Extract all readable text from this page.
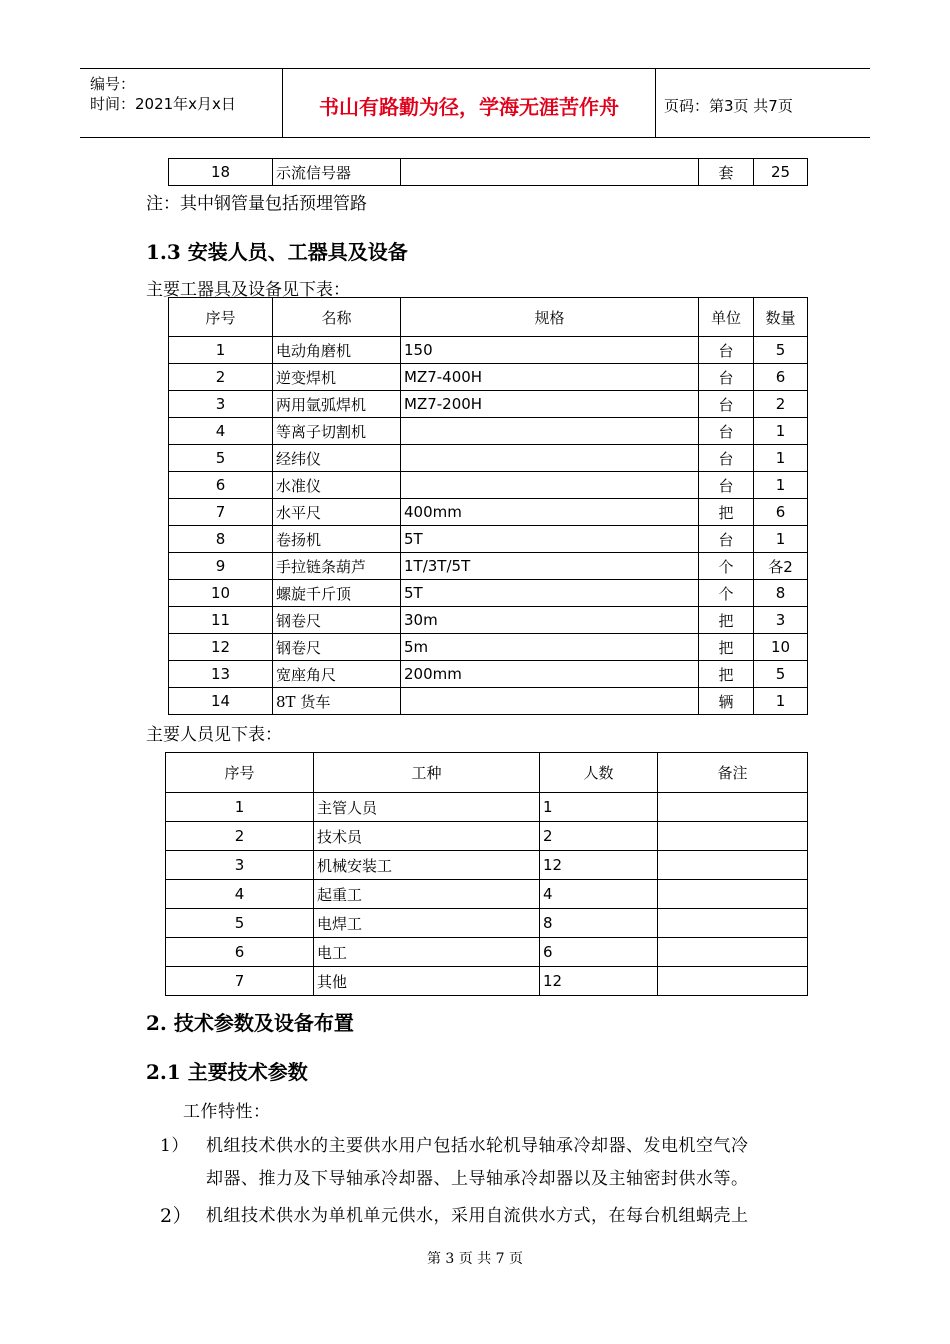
编号：
时间：2021年x月x日	书山有路勤为径，学海无涯苦作舟	页码：第3页 共7页
18	示流信号器		套	25
注：其中钢管量包括预埋管路
1.3 安装人员、工器具及设备
主要工器具及设备见下表：
序号	名称	规格	单位	数量
1	电动角磨机	150	台	5
2	逆变焊机	MZ7-400H	台	6
3	两用氩弧焊机	MZ7-200H	台	2
4	等离子切割机		台	1
5	经纬仪		台	1
6	水准仪		台	1
7	水平尺	400mm	把	6
8	卷扬机	5T	台	1
9	手拉链条葫芦	1T/3T/5T	个	各2
10	螺旋千斤顶	5T	个	8
11	钢卷尺	30m	把	3
12	钢卷尺	5m	把	10
13	宽座角尺	200mm	把	5
14	8T 货车		辆	1
主要人员见下表：
序号	工种	人数	备注
1	主管人员	1	
2	技术员	2	
3	机械安装工	12	
4	起重工	4	
5	电焊工	8	
6	电工	6	
7	其他	12	
2. 技术参数及设备布置
2.1 主要技术参数
工作特性：
1） 机组技术供水的主要供水用户包括水轮机导轴承冷却器、发电机空气冷
却器、推力及下导轴承冷却器、上导轴承冷却器以及主轴密封供水等。
2） 机组技术供水为单机单元供水，采用自流供水方式，在每台机组蜗壳上
第 3 页 共 7 页
